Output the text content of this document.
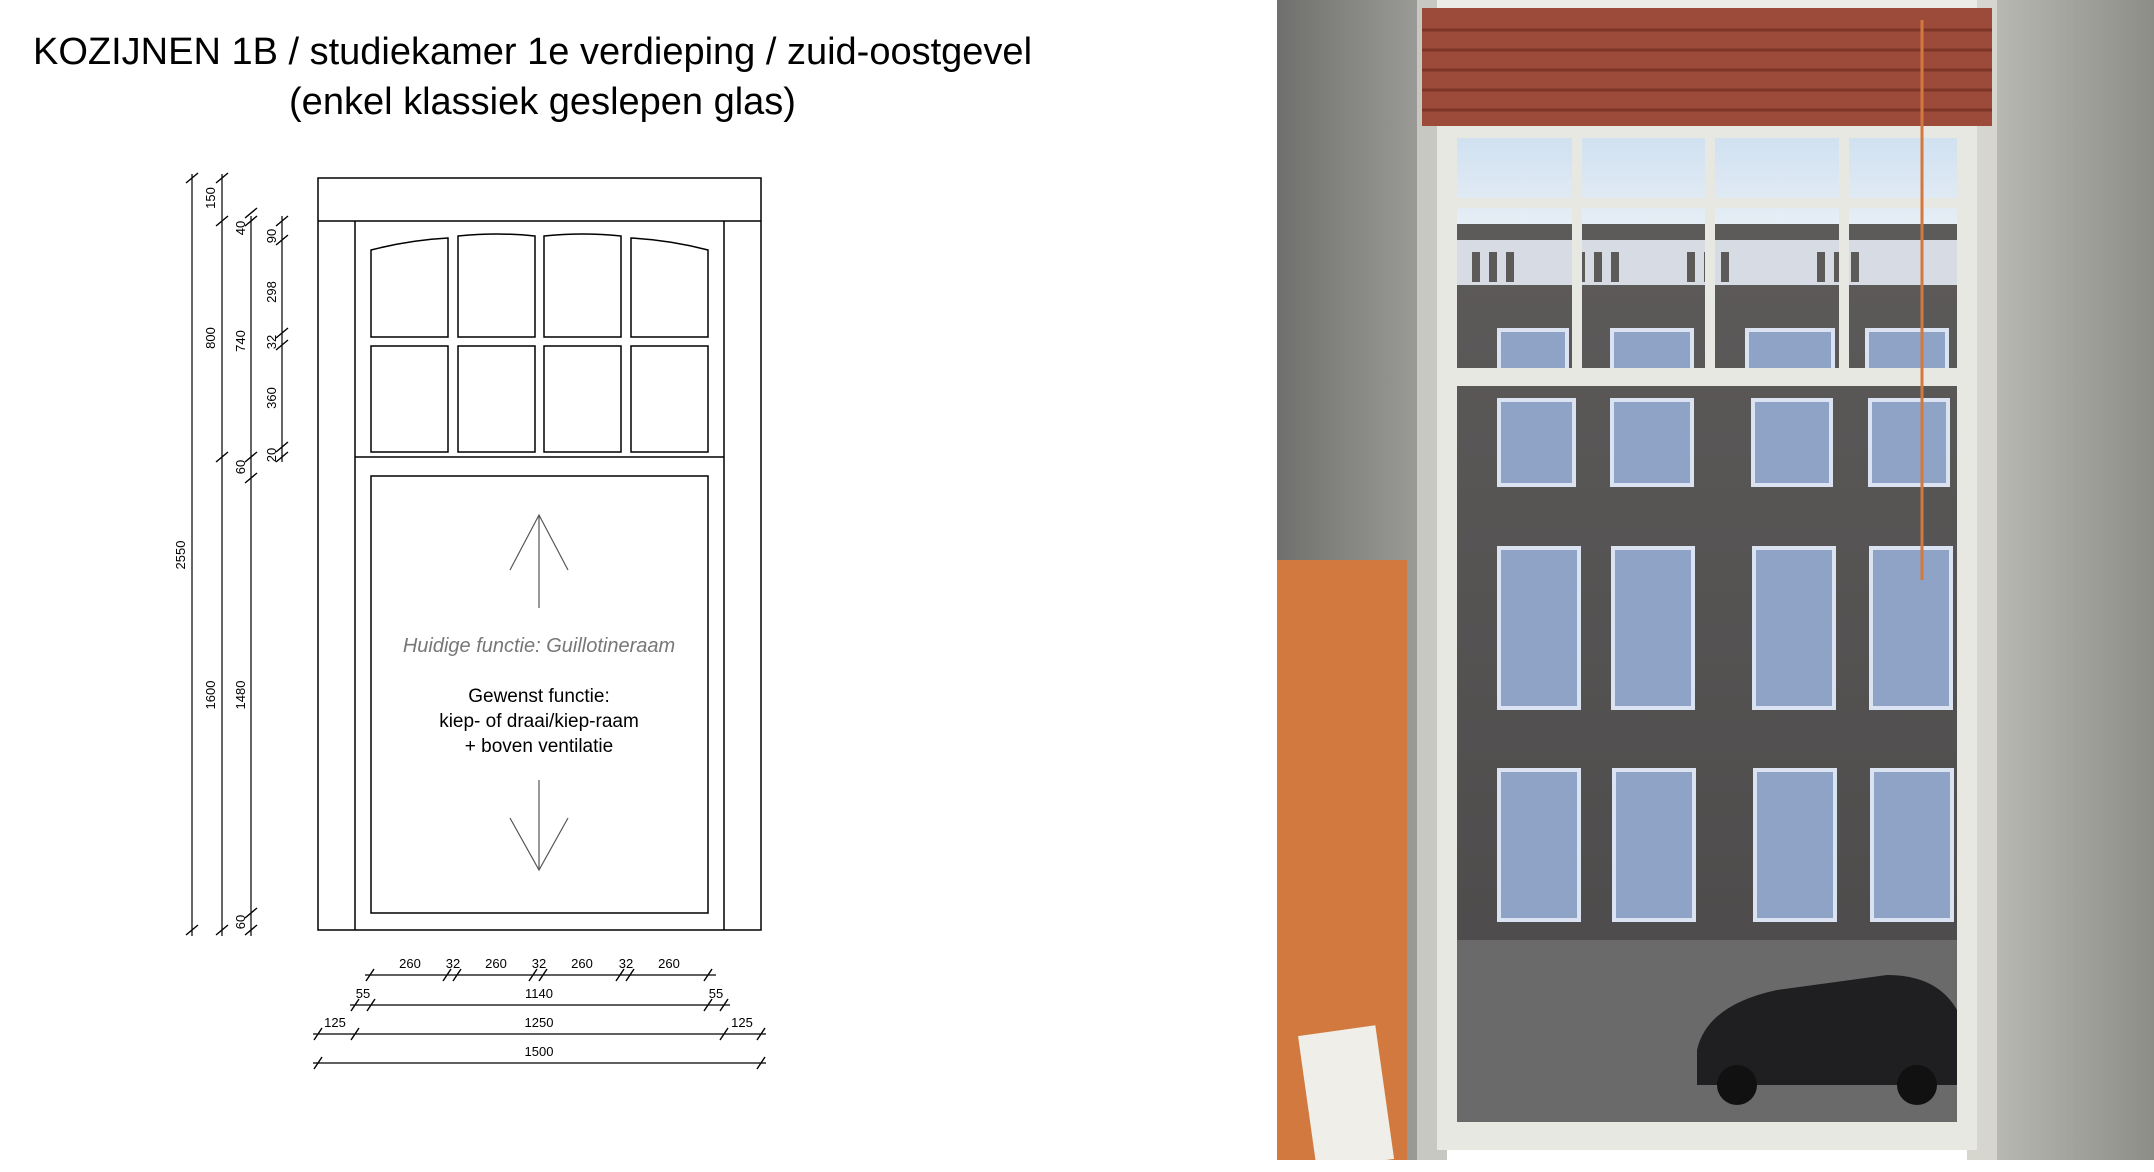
KOZIJNEN 1B / studiekamer 1e verdieping / zuid-oostgevel
(enkel klassiek geslepen glas)
Huidige functie: Guillotineraam
Gewenst functie:
kiep- of draai/kiep-raam
+ boven ventilatie
2550
150
800
1600
40
740
60
1480
60
90
298
32
360
20
260 32 260 32 260 32 260
55	1140	55
125	1250	125
1500
